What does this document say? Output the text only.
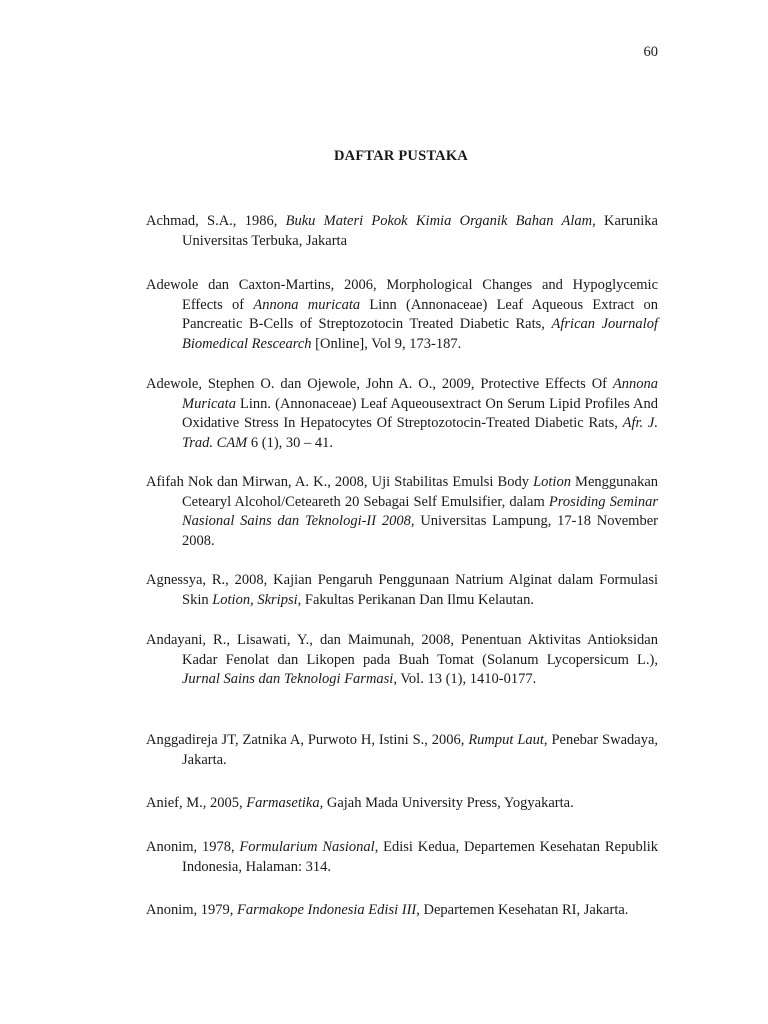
60
DAFTAR PUSTAKA

Achmad, S.A., 1986, Buku Materi Pokok Kimia Organik Bahan Alam, Karunika Universitas Terbuka, Jakarta

Adewole dan Caxton-Martins, 2006, Morphological Changes and Hypoglycemic Effects of Annona muricata Linn (Annonaceae) Leaf Aqueous Extract on Pancreatic B-Cells of Streptozotocin Treated Diabetic Rats, African Journalof Biomedical Rescearch [Online], Vol 9, 173-187.

Adewole, Stephen O. dan Ojewole, John A. O., 2009, Protective Effects Of Annona Muricata Linn. (Annonaceae) Leaf Aqueousextract On Serum Lipid Profiles And Oxidative Stress In Hepatocytes Of Streptozotocin-Treated Diabetic Rats, Afr. J. Trad. CAM 6 (1), 30 – 41.

Afifah Nok dan Mirwan, A. K., 2008, Uji Stabilitas Emulsi Body Lotion Menggunakan Cetearyl Alcohol/Ceteareth 20 Sebagai Self Emulsifier, dalam Prosiding Seminar Nasional Sains dan Teknologi-II 2008, Universitas Lampung, 17-18 November 2008.

Agnessya, R., 2008, Kajian Pengaruh Penggunaan Natrium Alginat dalam Formulasi Skin Lotion, Skripsi, Fakultas Perikanan Dan Ilmu Kelautan.

Andayani, R., Lisawati, Y., dan Maimunah, 2008, Penentuan Aktivitas Antioksidan Kadar Fenolat dan Likopen pada Buah Tomat (Solanum Lycopersicum L.), Jurnal Sains dan Teknologi Farmasi, Vol. 13 (1), 1410-0177.

Anggadireja JT, Zatnika A, Purwoto H, Istini S., 2006, Rumput Laut, Penebar Swadaya, Jakarta.

Anief, M., 2005, Farmasetika, Gajah Mada University Press, Yogyakarta.

Anonim, 1978, Formularium Nasional, Edisi Kedua, Departemen Kesehatan Republik Indonesia, Halaman: 314.

Anonim, 1979, Farmakope Indonesia Edisi III, Departemen Kesehatan RI, Jakarta.
